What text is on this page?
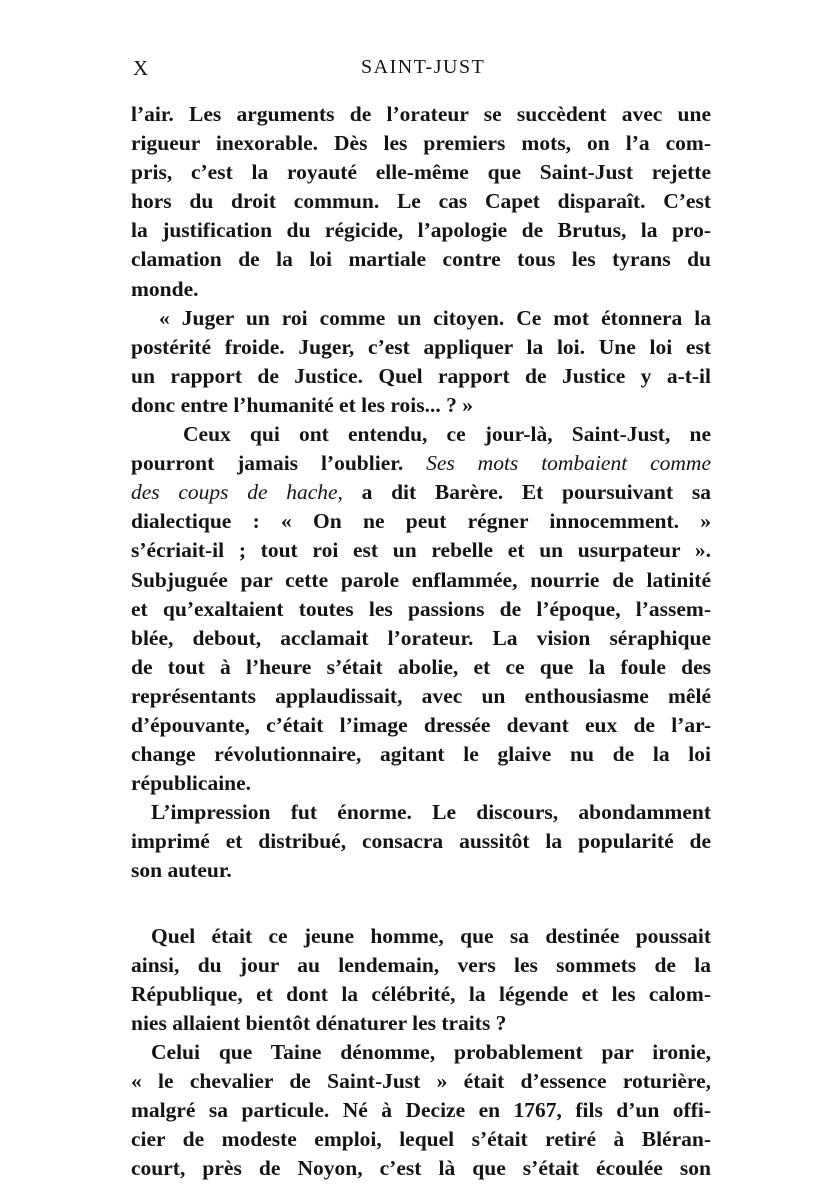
X	SAINT-JUST
l’air. Les arguments de l’orateur se succèdent avec une
rigueur inexorable. Dès les premiers mots, on l’a com-
pris, c’est la royauté elle-même que Saint-Just rejette
hors du droit commun. Le cas Capet disparaît. C’est
la justification du régicide, l’apologie de Brutus, la pro-
clamation de la loi martiale contre tous les tyrans du
monde.
« Juger un roi comme un citoyen. Ce mot étonnera la
postérité froide. Juger, c’est appliquer la loi. Une loi est
un rapport de Justice. Quel rapport de Justice y a-t-il
donc entre l’humanité et les rois... ? »
Ceux qui ont entendu, ce jour-là, Saint-Just, ne
pourront jamais l’oublier. Ses mots tombaient comme
des coups de hache, a dit Barère. Et poursuivant sa
dialectique : « On ne peut régner innocemment. »
s’écriait-il ; tout roi est un rebelle et un usurpateur ».
Subjuguée par cette parole enflammée, nourrie de latinité
et qu’exaltaient toutes les passions de l’époque, l’assem-
blée, debout, acclamait l’orateur. La vision séraphique
de tout à l’heure s’était abolie, et ce que la foule des
représentants applaudissait, avec un enthousiasme mêlé
d’épouvante, c’était l’image dressée devant eux de l’ar-
change révolutionnaire, agitant le glaive nu de la loi
républicaine.
L’impression fut énorme. Le discours, abondamment
imprimé et distribué, consacra aussitôt la popularité de
son auteur.
Quel était ce jeune homme, que sa destinée poussait
ainsi, du jour au lendemain, vers les sommets de la
République, et dont la célébrité, la légende et les calom-
nies allaient bientôt dénaturer les traits ?
Celui que Taine dénomme, probablement par ironie,
« le chevalier de Saint-Just » était d’essence roturière,
malgré sa particule. Né à Decize en 1767, fils d’un offi-
cier de modeste emploi, lequel s’était retiré à Bléran-
court, près de Noyon, c’est là que s’était écoulée son
